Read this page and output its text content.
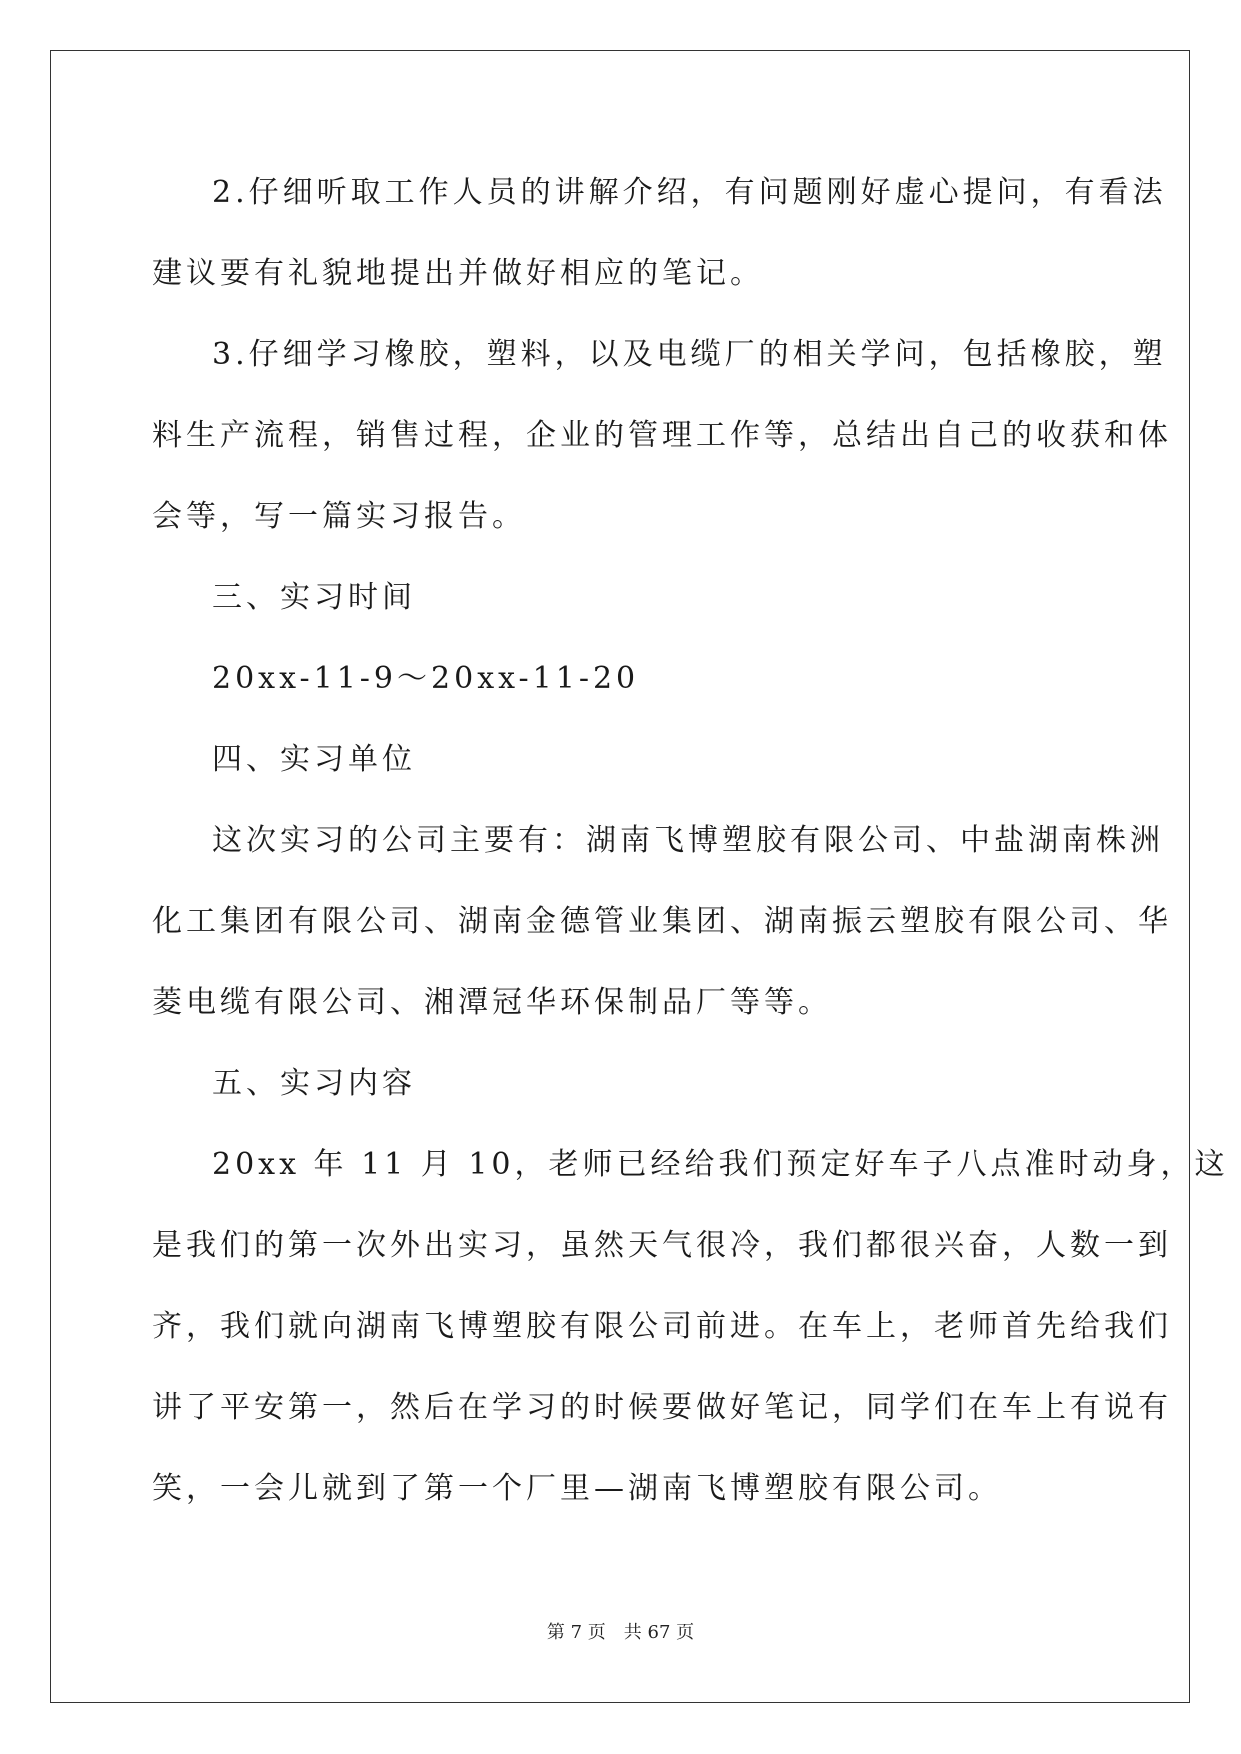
2.仔细听取工作人员的讲解介绍，有问题刚好虚心提问，有看法
建议要有礼貌地提出并做好相应的笔记。
3.仔细学习橡胶，塑料，以及电缆厂的相关学问，包括橡胶，塑
料生产流程，销售过程，企业的管理工作等，总结出自己的收获和体
会等，写一篇实习报告。
三、实习时间
20xx-11-9～20xx-11-20
四、实习单位
这次实习的公司主要有：湖南飞博塑胶有限公司、中盐湖南株洲
化工集团有限公司、湖南金德管业集团、湖南振云塑胶有限公司、华
菱电缆有限公司、湘潭冠华环保制品厂等等。
五、实习内容
20xx 年 11 月 10，老师已经给我们预定好车子八点准时动身，这
是我们的第一次外出实习，虽然天气很冷，我们都很兴奋，人数一到
齐，我们就向湖南飞博塑胶有限公司前进。在车上，老师首先给我们
讲了平安第一，然后在学习的时候要做好笔记，同学们在车上有说有
笑，一会儿就到了第一个厂里—湖南飞博塑胶有限公司。
第 7 页 共 67 页
